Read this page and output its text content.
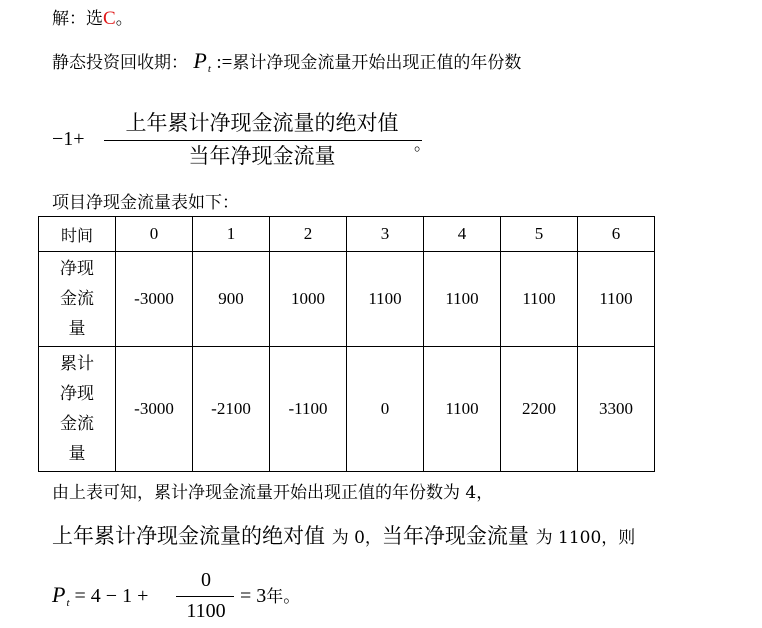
解：选C。
静态投资回收期： $P_t$ :=累计净现金流量开始出现正值的年份数
−1+
上年累计净现金流量的绝对值
当年净现金流量	。
项目净现金流量表如下：
时间	0	1	2	3	4	5	6

净现
金流
量	-3000	900	1000	1100	1100	1100	1100

累计
净现
金流
量	-3000	-2100	-1100	0	1100	2200	3300
由上表可知，累计净现金流量开始出现正值的年份数为 4，
上年累计净现金流量的绝对值 为 0，当年净现金流量 为 1100，则
$P_t = 4 - 1$ +
0
1100
= 3年。
